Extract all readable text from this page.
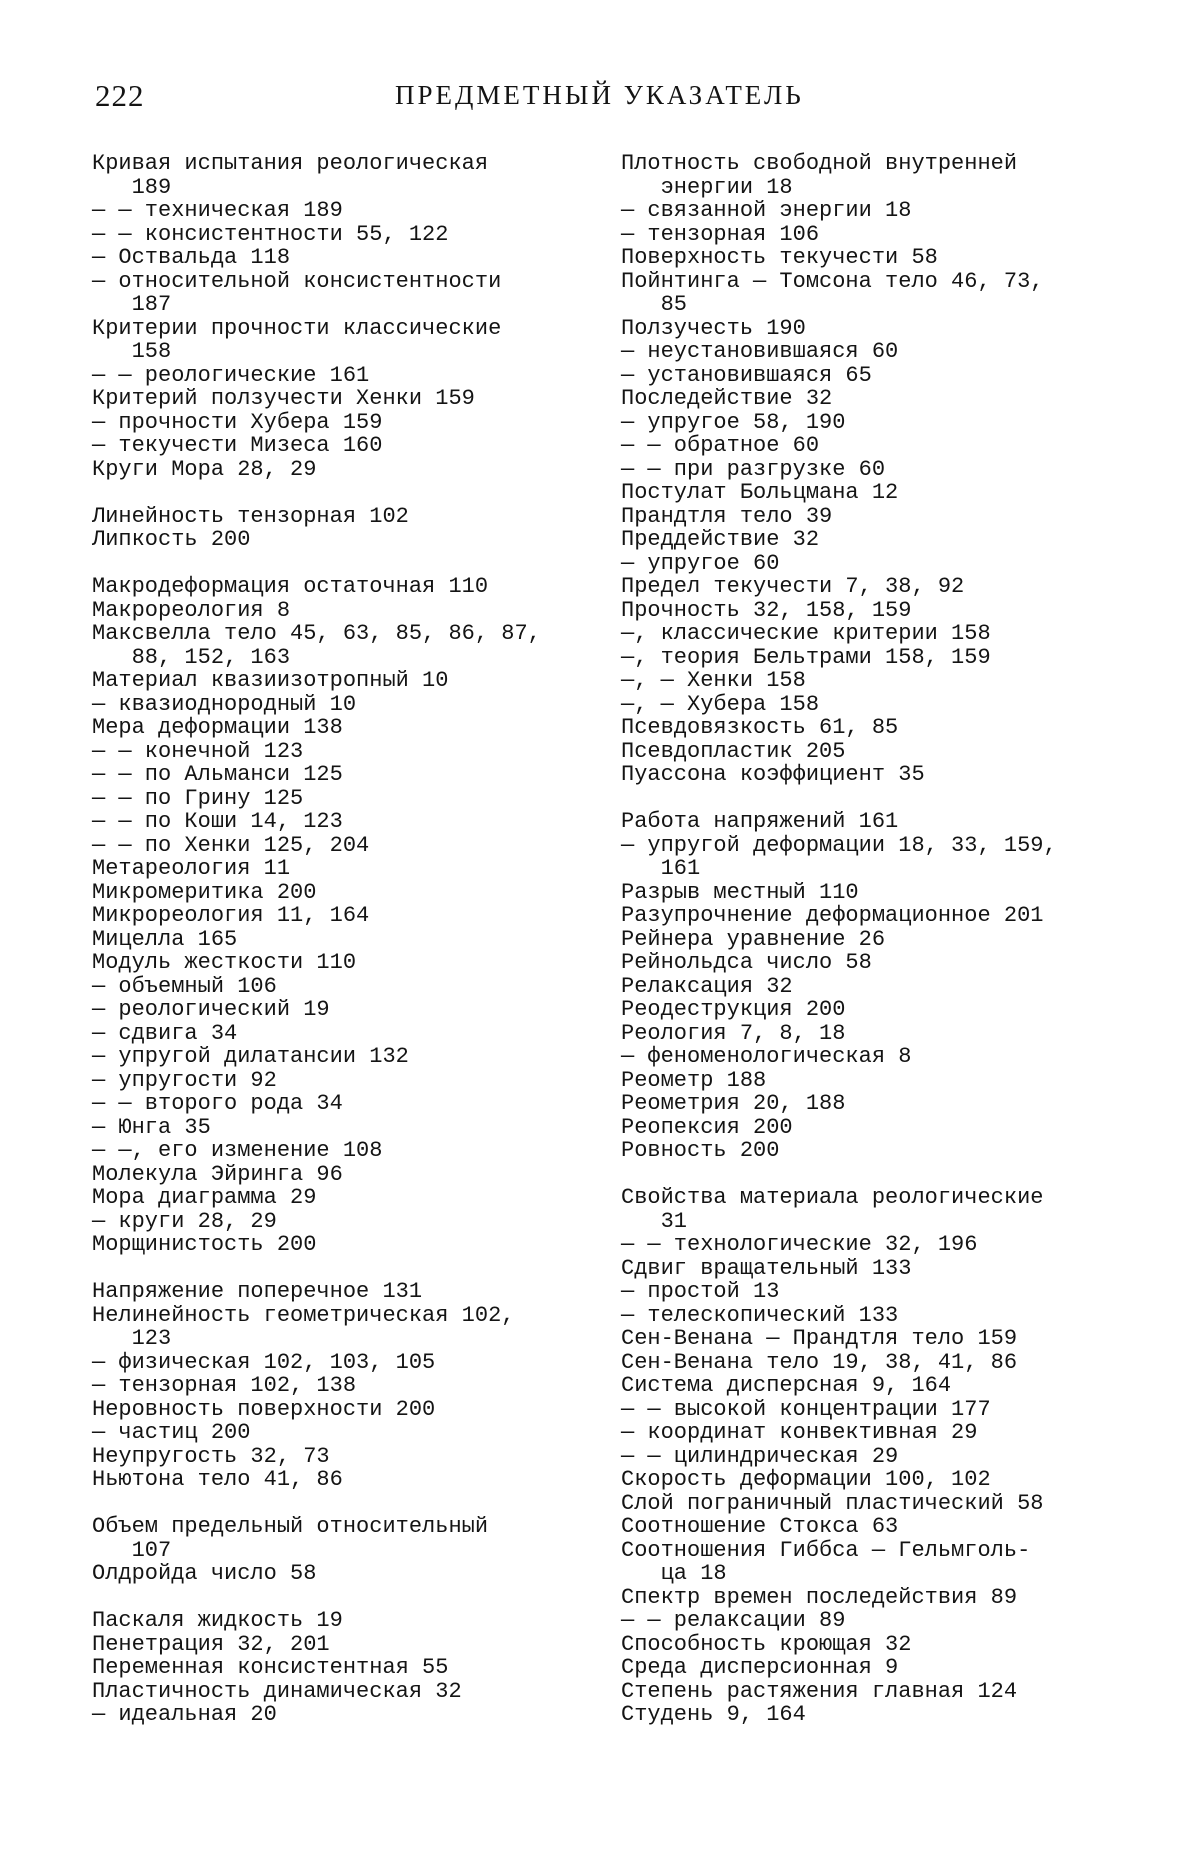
222	ПРЕДМЕТНЫЙ УКАЗАТЕЛЬ
Кривая испытания реологическая
189
— — техническая 189
— — консистентности 55, 122
— Оствальда 118
— относительной консистентности
187
Критерии прочности классические
158
— — реологические 161
Критерий ползучести Хенки 159
— прочности Хубера 159
— текучести Мизеса 160
Круги Мора 28, 29
Линейность тензорная 102
Липкость 200
Макродеформация остаточная 110
Макрореология 8
Максвелла тело 45, 63, 85, 86, 87,
88, 152, 163
Материал квазиизотропный 10
— квазиоднородный 10
Мера деформации 138
— — конечной 123
— — по Альманси 125
— — по Грину 125
— — по Коши 14, 123
— — по Хенки 125, 204
Метареология 11
Микромеритика 200
Микрореология 11, 164
Мицелла 165
Модуль жесткости 110
— объемный 106
— реологический 19
— сдвига 34
— упругой дилатансии 132
— упругости 92
— — второго рода 34
— Юнга 35
— —, его изменение 108
Молекула Эйринга 96
Мора диаграмма 29
— круги 28, 29
Морщинистость 200
Напряжение поперечное 131
Нелинейность геометрическая 102,
123
— физическая 102, 103, 105
— тензорная 102, 138
Неровность поверхности 200
— частиц 200
Неупругость 32, 73
Ньютона тело 41, 86
Объем предельный относительный
107
Олдройда число 58
Паскаля жидкость 19
Пенетрация 32, 201
Переменная консистентная 55
Пластичность динамическая 32
— идеальная 20
Плотность свободной внутренней
энергии 18
— связанной энергии 18
— тензорная 106
Поверхность текучести 58
Пойнтинга — Томсона тело 46, 73,
85
Ползучесть 190
— неустановившаяся 60
— установившаяся 65
Последействие 32
— упругое 58, 190
— — обратное 60
— — при разгрузке 60
Постулат Больцмана 12
Прандтля тело 39
Преддействие 32
— упругое 60
Предел текучести 7, 38, 92
Прочность 32, 158, 159
—, классические критерии 158
—, теория Бельтрами 158, 159
—, — Хенки 158
—, — Хубера 158
Псевдовязкость 61, 85
Псевдопластик 205
Пуассона коэффициент 35
Работа напряжений 161
— упругой деформации 18, 33, 159,
161
Разрыв местный 110
Разупрочнение деформационное 201
Рейнера уравнение 26
Рейнольдса число 58
Релаксация 32
Реодеструкция 200
Реология 7, 8, 18
— феноменологическая 8
Реометр 188
Реометрия 20, 188
Реопексия 200
Ровность 200
Свойства материала реологические
31
— — технологические 32, 196
Сдвиг вращательный 133
— простой 13
— телескопический 133
Сен-Венана — Прандтля тело 159
Сен-Венана тело 19, 38, 41, 86
Система дисперсная 9, 164
— — высокой концентрации 177
— координат конвективная 29
— — цилиндрическая 29
Скорость деформации 100, 102
Слой пограничный пластический 58
Соотношение Стокса 63
Соотношения Гиббса — Гельмголь-
ца 18
Спектр времен последействия 89
— — релаксации 89
Способность кроющая 32
Среда дисперсионная 9
Степень растяжения главная 124
Студень 9, 164
